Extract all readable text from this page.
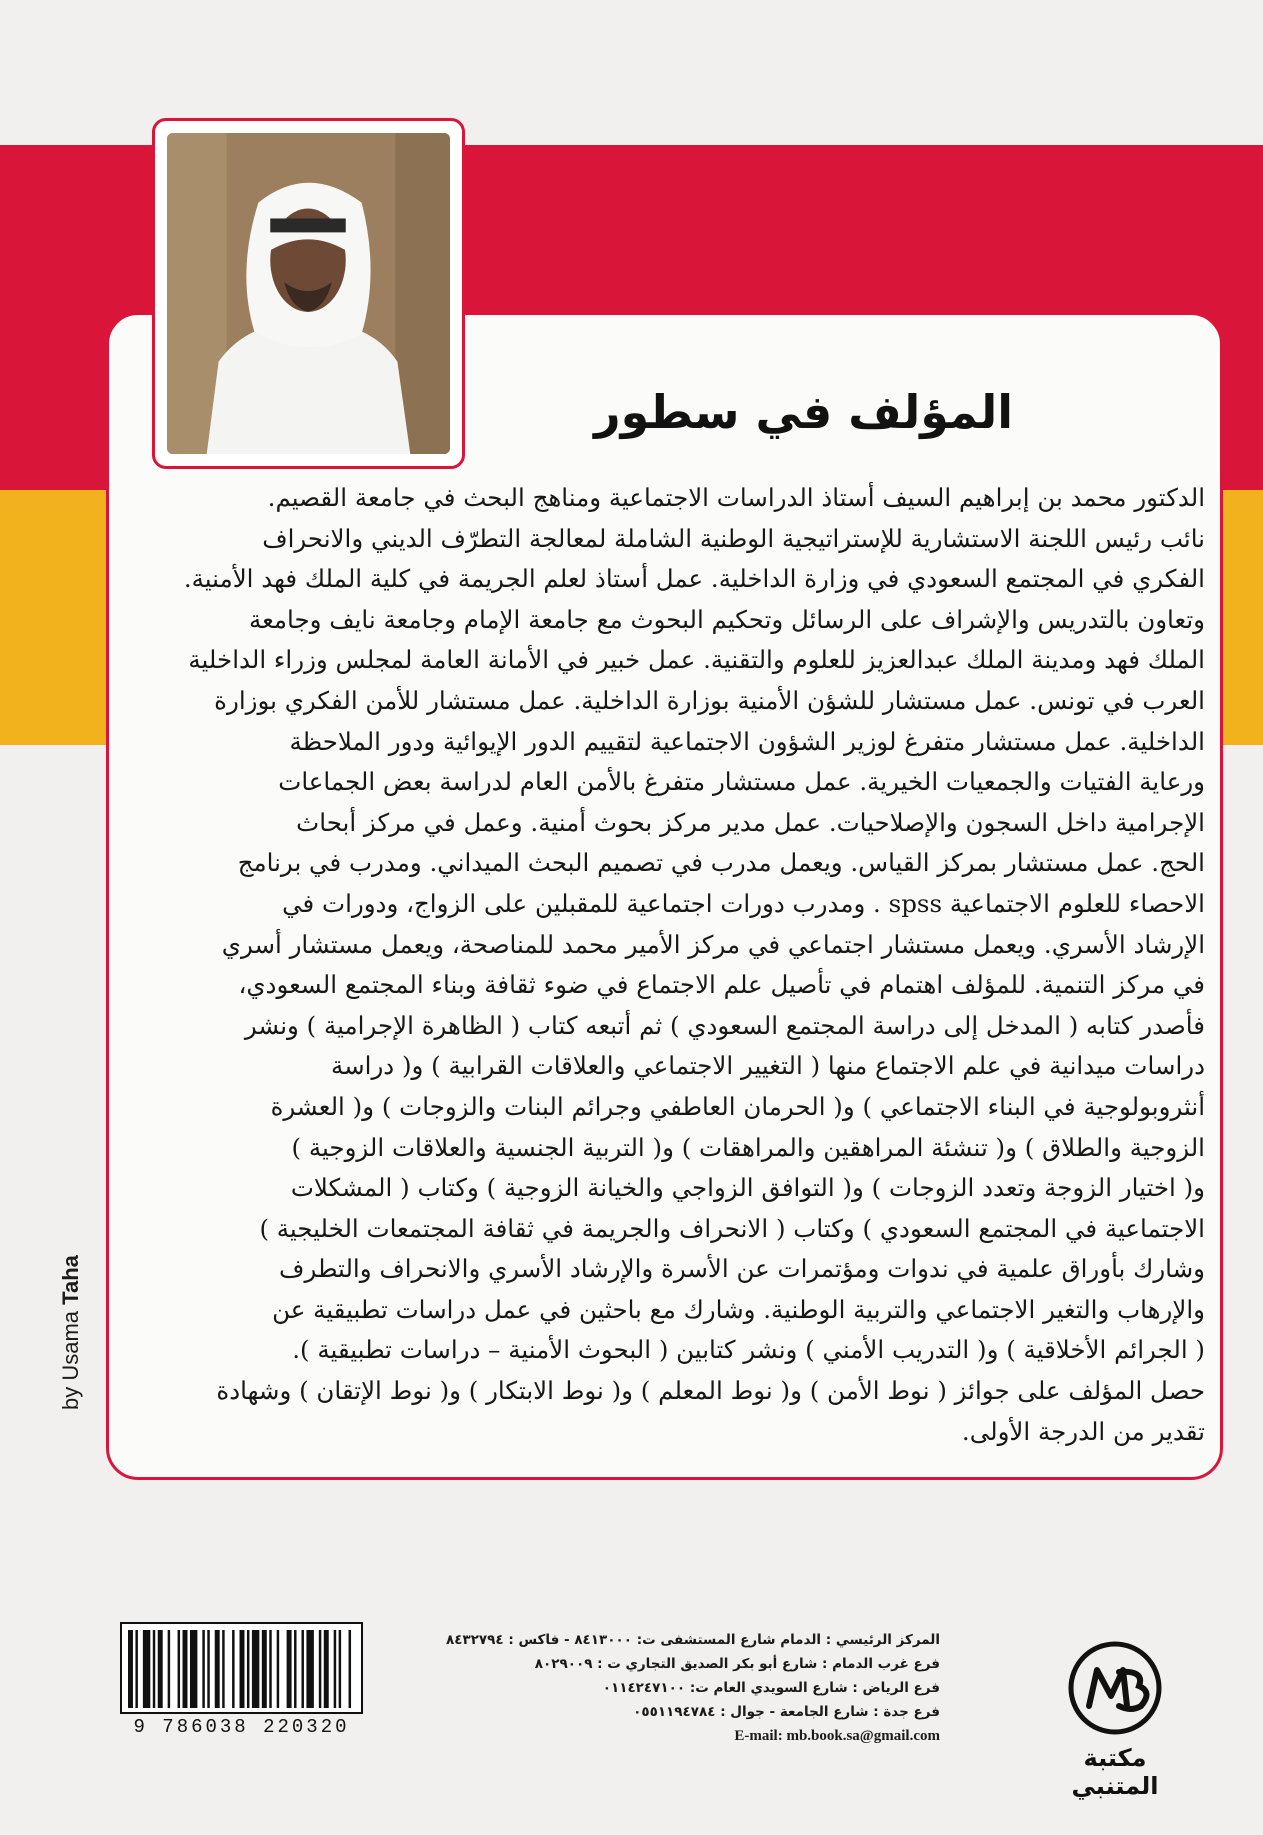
المؤلف في سطور
الدكتور محمد بن إبراهيم السيف أستاذ الدراسات الاجتماعية ومناهج البحث في جامعة القصيم.
نائب رئيس اللجنة الاستشارية للإستراتيجية الوطنية الشاملة لمعالجة التطرّف الديني والانحراف
الفكري في المجتمع السعودي في وزارة الداخلية. عمل أستاذ لعلم الجريمة في كلية الملك فهد الأمنية.
وتعاون بالتدريس والإشراف على الرسائل وتحكيم البحوث مع جامعة الإمام وجامعة نايف وجامعة
الملك فهد ومدينة الملك عبدالعزيز للعلوم والتقنية. عمل خبير في الأمانة العامة لمجلس وزراء الداخلية
العرب في تونس. عمل مستشار للشؤن الأمنية بوزارة الداخلية. عمل مستشار للأمن الفكري بوزارة
الداخلية. عمل مستشار متفرغ لوزير الشؤون الاجتماعية لتقييم الدور الإيوائية ودور الملاحظة
ورعاية الفتيات والجمعيات الخيرية. عمل مستشار متفرغ بالأمن العام لدراسة بعض الجماعات
الإجرامية داخل السجون والإصلاحيات. عمل مدير مركز بحوث أمنية. وعمل في مركز أبحاث
الحج. عمل مستشار بمركز القياس. ويعمل مدرب في تصميم البحث الميداني. ومدرب في برنامج
الاحصاء للعلوم الاجتماعية spss . ومدرب دورات اجتماعية للمقبلين على الزواج، ودورات في
الإرشاد الأسري. ويعمل مستشار اجتماعي في مركز الأمير محمد للمناصحة، ويعمل مستشار أسري
في مركز التنمية. للمؤلف اهتمام في تأصيل علم الاجتماع في ضوء ثقافة وبناء المجتمع السعودي،
فأصدر كتابه ( المدخل إلى دراسة المجتمع السعودي ) ثم أتبعه كتاب ( الظاهرة الإجرامية ) ونشر
دراسات ميدانية في علم الاجتماع منها ( التغيير الاجتماعي والعلاقات القرابية ) و( دراسة
أنثروبولوجية في البناء الاجتماعي ) و( الحرمان العاطفي وجرائم البنات والزوجات ) و( العشرة
الزوجية والطلاق ) و( تنشئة المراهقين والمراهقات ) و( التربية الجنسية والعلاقات الزوجية )
و( اختيار الزوجة وتعدد الزوجات ) و( التوافق الزواجي والخيانة الزوجية ) وكتاب ( المشكلات
الاجتماعية في المجتمع السعودي ) وكتاب ( الانحراف والجريمة في ثقافة المجتمعات الخليجية )
وشارك بأوراق علمية في ندوات ومؤتمرات عن الأسرة والإرشاد الأسري والانحراف والتطرف
والإرهاب والتغير الاجتماعي والتربية الوطنية. وشارك مع باحثين في عمل دراسات تطبيقية عن
( الجرائم الأخلاقية ) و( التدريب الأمني ) ونشر كتابين ( البحوث الأمنية – دراسات تطبيقية ).
حصل المؤلف على جوائز ( نوط الأمن ) و( نوط المعلم ) و( نوط الابتكار ) و( نوط الإتقان ) وشهادة
تقدير من الدرجة الأولى.
by Usama Taha
9 786038 220320
المركز الرئيسي : الدمام شارع المستشفى ت: ٨٤١٣٠٠٠ - فاكس : ٨٤٣٢٧٩٤
فرع غرب الدمام : شارع أبو بكر الصديق التجاري ت : ٨٠٢٩٠٠٩
فرع الرياض : شارع السويدي العام ت: ٠١١٤٢٤٧١٠٠
فرع جدة : شارع الجامعة - جوال : ٠٥٥١١٩٤٧٨٤
E-mail: mb.book.sa@gmail.com
مكتبة المتنبي
